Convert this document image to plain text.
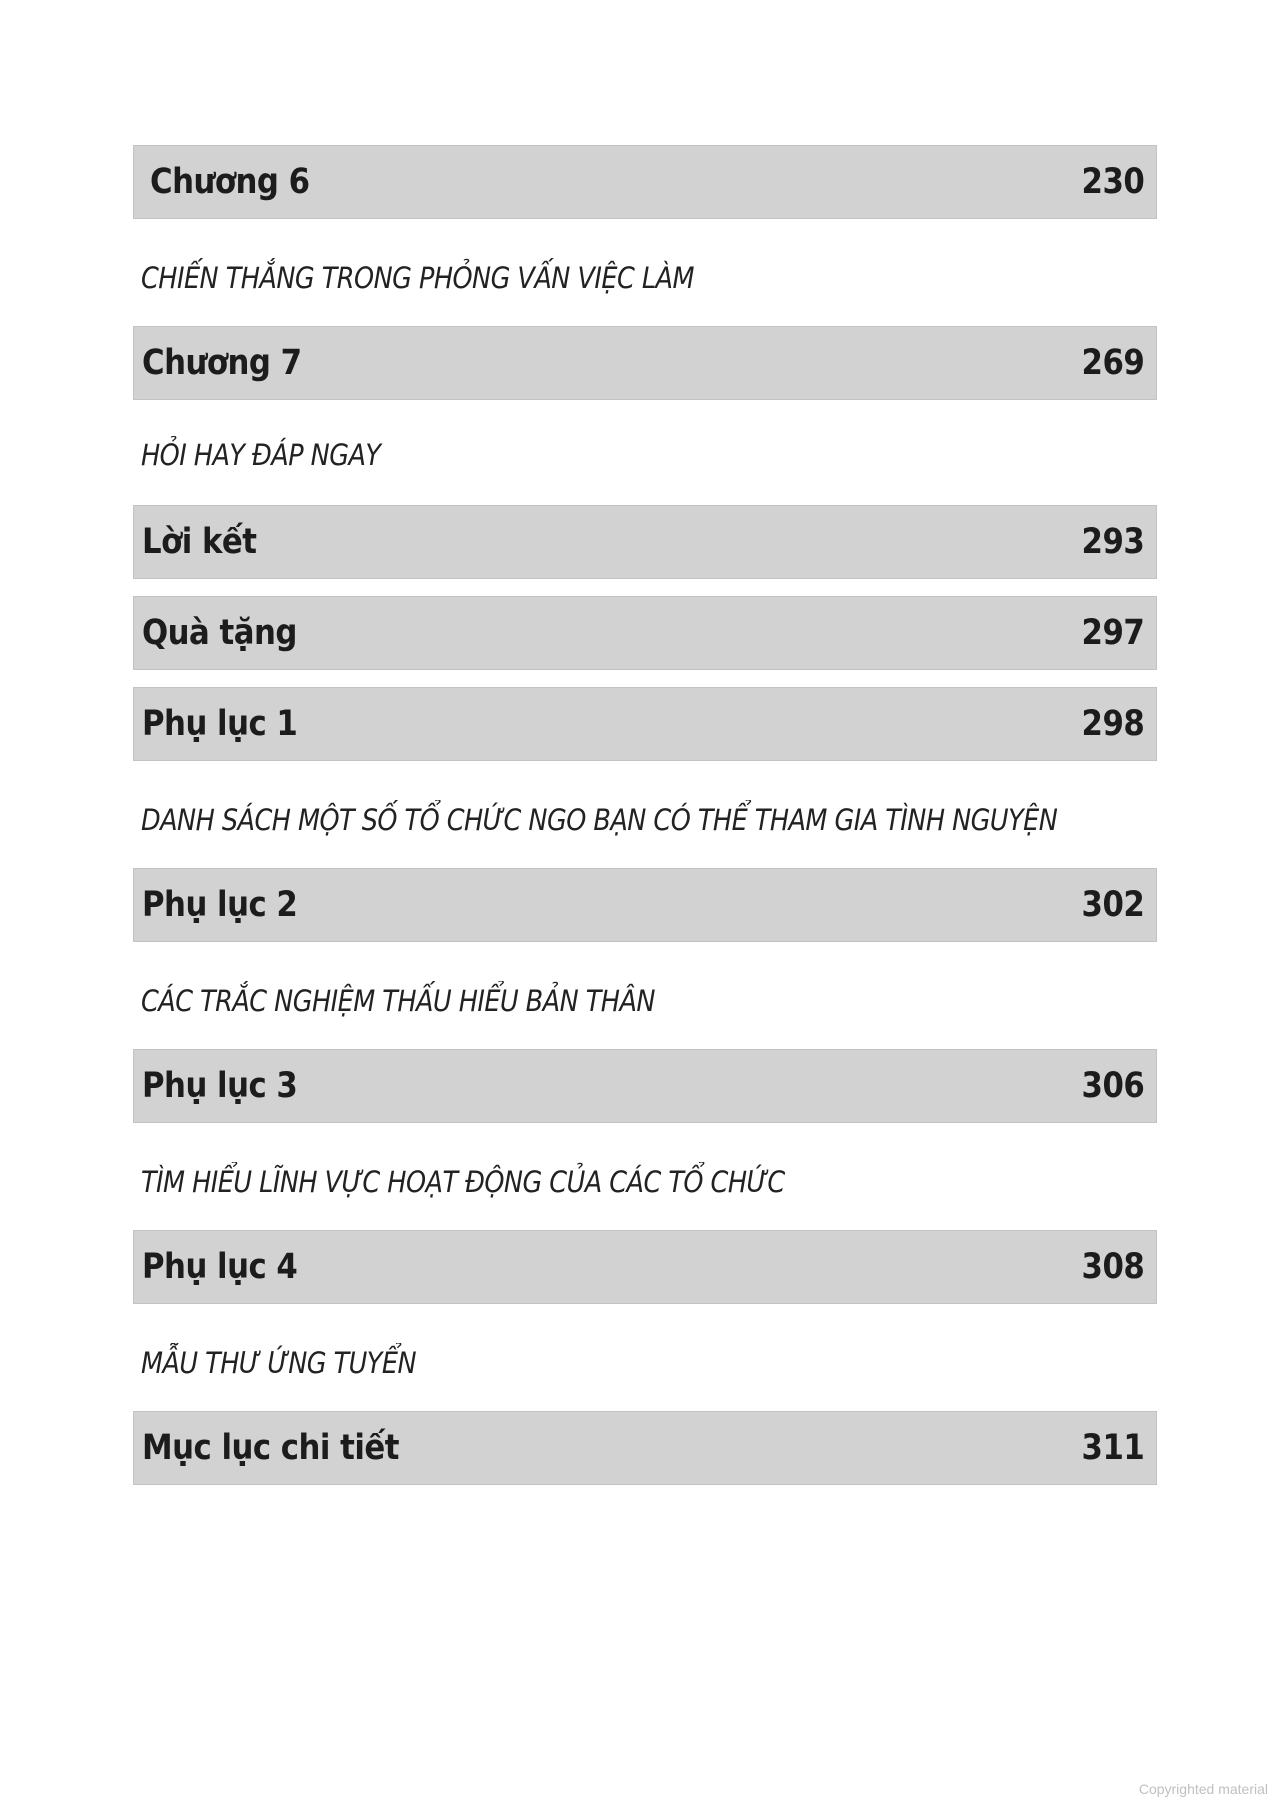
Chương 6	230
CHIẾN THẮNG TRONG PHỎNG VẤN VIỆC LÀM
Chương 7	269
HỎI HAY ĐÁP NGAY
Lời kết	293
Quà tặng	297
Phụ lục 1	298
DANH SÁCH MỘT SỐ TỔ CHỨC NGO BẠN CÓ THỂ THAM GIA TÌNH NGUYỆN
Phụ lục 2	302
CÁC TRẮC NGHIỆM THẤU HIỂU BẢN THÂN
Phụ lục 3	306
TÌM HIỂU LĨNH VỰC HOẠT ĐỘNG CỦA CÁC TỔ CHỨC
Phụ lục 4	308
MẪU THƯ ỨNG TUYỂN
Mục lục chi tiết	311
Copyrighted material
